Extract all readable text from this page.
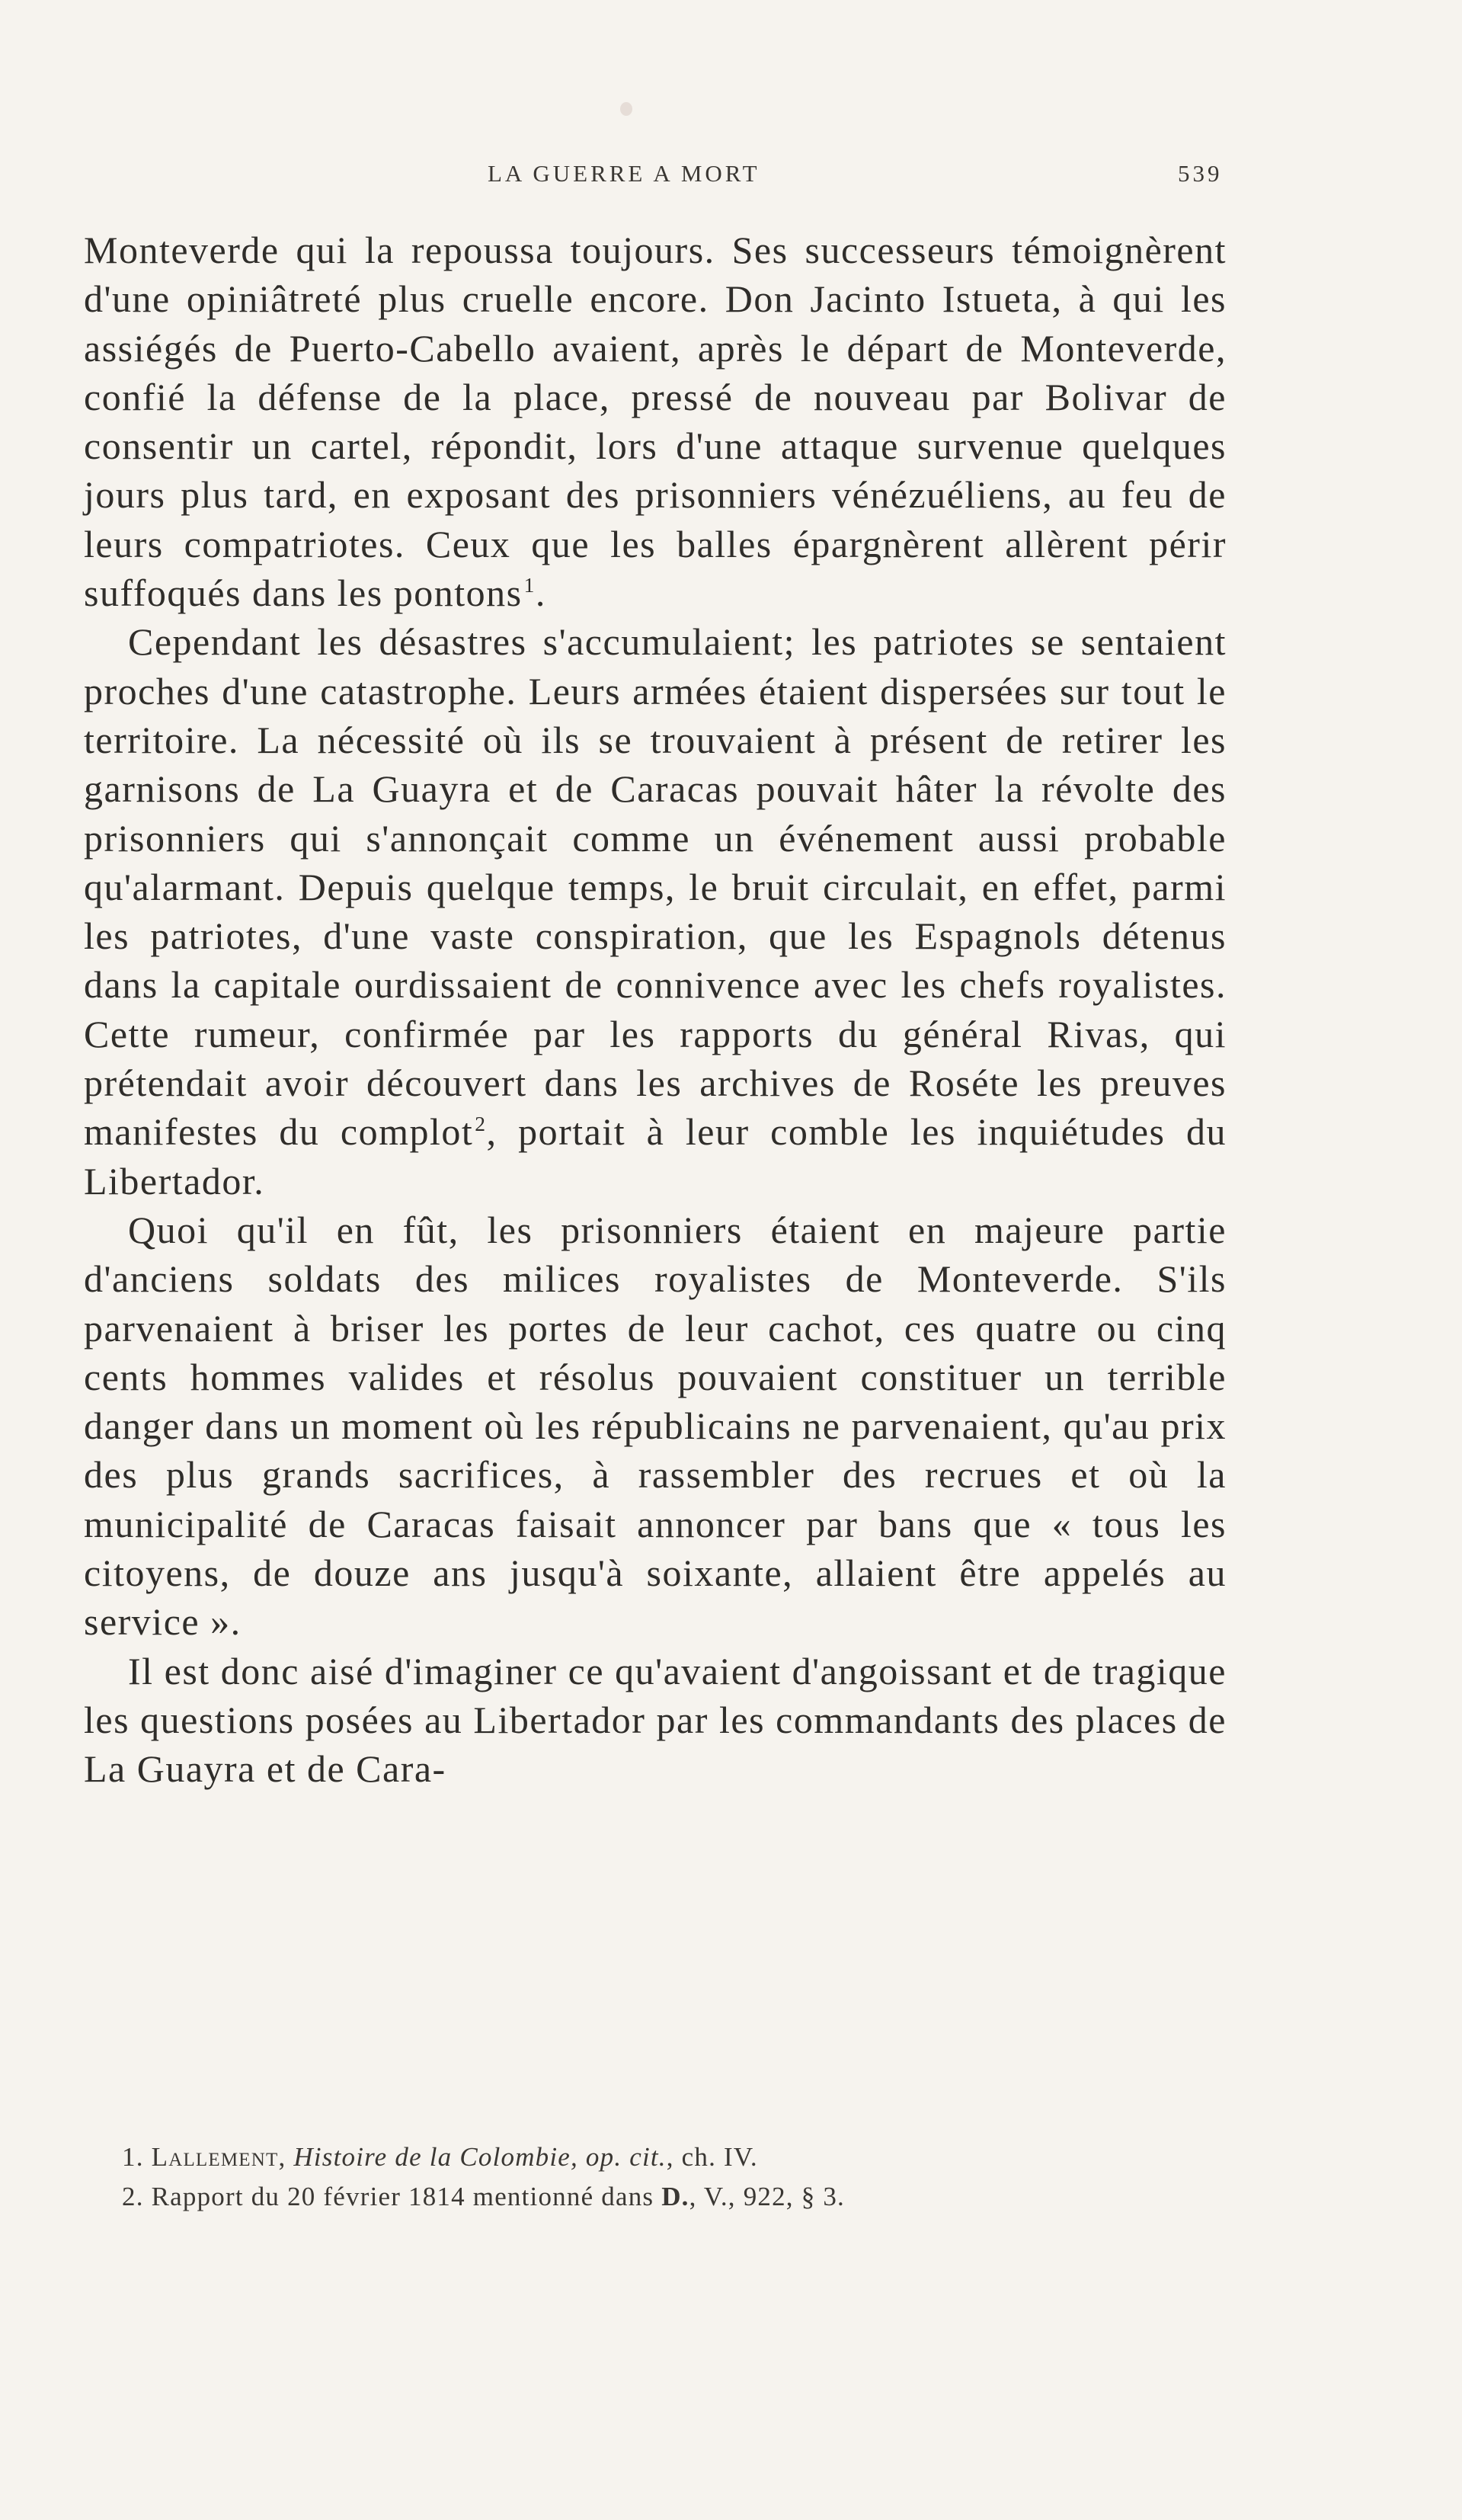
LA GUERRE A MORT	539

Monteverde qui la repoussa toujours. Ses successeurs témoignèrent d'une opiniâtreté plus cruelle encore. Don Jacinto Istueta, à qui les assiégés de Puerto-Cabello avaient, après le départ de Monteverde, confié la défense de la place, pressé de nouveau par Bolivar de consentir un cartel, répondit, lors d'une attaque survenue quelques jours plus tard, en exposant des prisonniers vénézuéliens, au feu de leurs compatriotes. Ceux que les balles épargnèrent allèrent périr suffoqués dans les pontons$^1$.

Cependant les désastres s'accumulaient; les patriotes se sentaient proches d'une catastrophe. Leurs armées étaient dispersées sur tout le territoire. La nécessité où ils se trouvaient à présent de retirer les garnisons de La Guayra et de Caracas pouvait hâter la révolte des prisonniers qui s'annonçait comme un événement aussi probable qu'alarmant. Depuis quelque temps, le bruit circulait, en effet, parmi les patriotes, d'une vaste conspiration, que les Espagnols détenus dans la capitale ourdissaient de connivence avec les chefs royalistes. Cette rumeur, confirmée par les rapports du général Rivas, qui prétendait avoir découvert dans les archives de Roséte les preuves manifestes du complot$^2$, portait à leur comble les inquiétudes du Libertador.

Quoi qu'il en fût, les prisonniers étaient en majeure partie d'anciens soldats des milices royalistes de Monteverde. S'ils parvenaient à briser les portes de leur cachot, ces quatre ou cinq cents hommes valides et résolus pouvaient constituer un terrible danger dans un moment où les républicains ne parvenaient, qu'au prix des plus grands sacrifices, à rassembler des recrues et où la municipalité de Caracas faisait annoncer par bans que « tous les citoyens, de douze ans jusqu'à soixante, allaient être appelés au service ».

Il est donc aisé d'imaginer ce qu'avaient d'angoissant et de tragique les questions posées au Libertador par les commandants des places de La Guayra et de Cara-

1. Lallement, Histoire de la Colombie, op. cit., ch. IV.
2. Rapport du 20 février 1814 mentionné dans D., V., 922, § 3.
